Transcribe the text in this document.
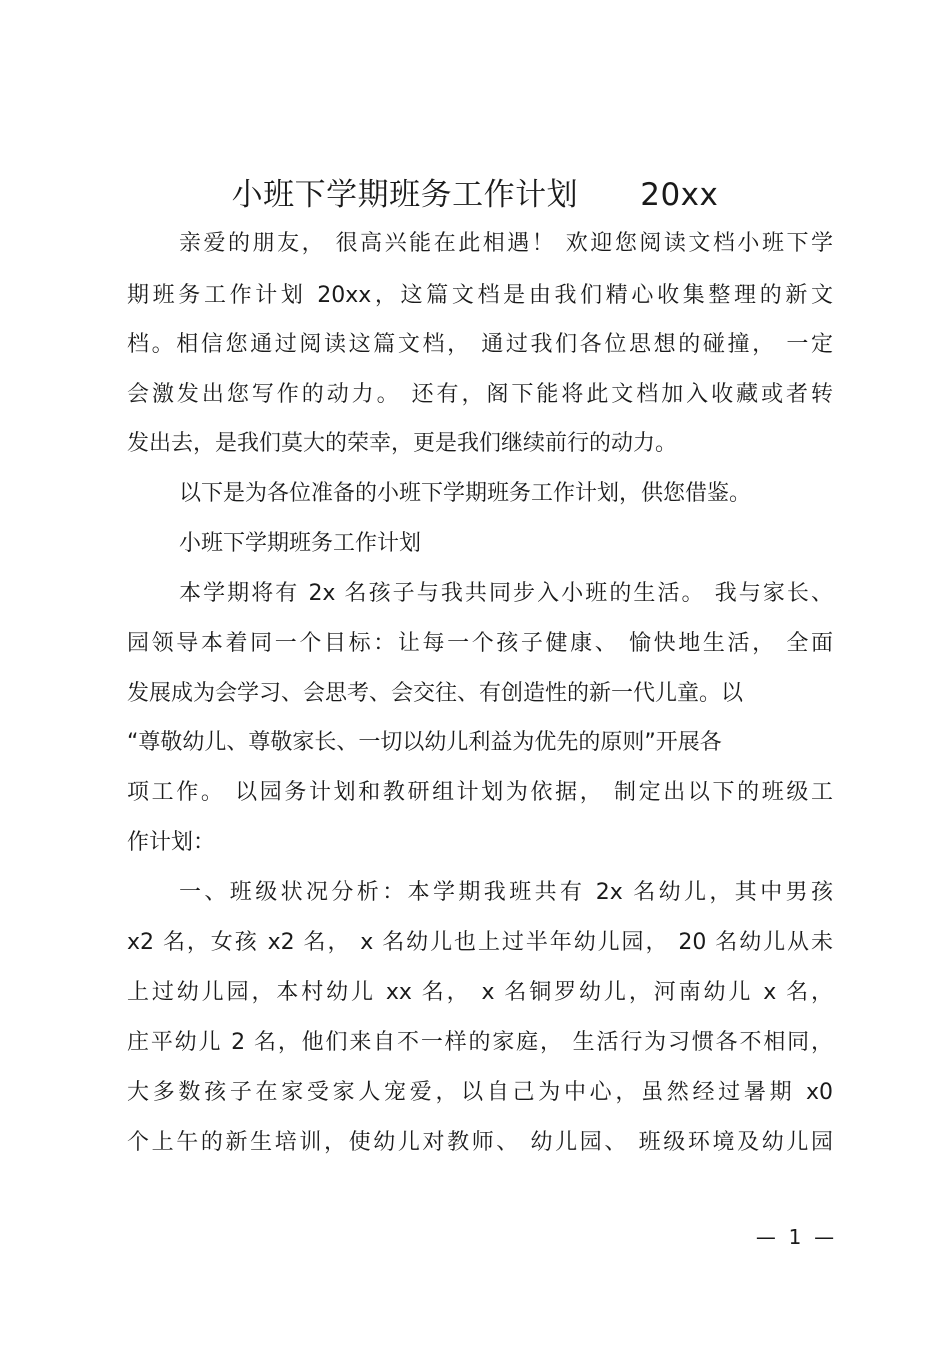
小班下学期班务工作计划      20xx
亲爱的朋友， 很高兴能在此相遇！ 欢迎您阅读文档小班下学
期班务工作计划 20xx，这篇文档是由我们精心收集整理的新文
档。相信您通过阅读这篇文档， 通过我们各位思想的碰撞， 一定
会激发出您写作的动力。 还有，阁下能将此文档加入收藏或者转
发出去，是我们莫大的荣幸，更是我们继续前行的动力。
以下是为各位准备的小班下学期班务工作计划，供您借鉴。
小班下学期班务工作计划
本学期将有 2x 名孩子与我共同步入小班的生活。 我与家长、
园领导本着同一个目标：让每一个孩子健康、 愉快地生活， 全面
发展成为会学习、会思考、会交往、有创造性的新一代儿童。以
“尊敬幼儿、尊敬家长、一切以幼儿利益为优先的原则”开展各
项工作。 以园务计划和教研组计划为依据， 制定出以下的班级工
作计划：
一、班级状况分析：本学期我班共有 2x 名幼儿，其中男孩
x2 名，女孩 x2 名， x 名幼儿也上过半年幼儿园， 20 名幼儿从未
上过幼儿园，本村幼儿 xx 名， x 名铜罗幼儿，河南幼儿 x 名，
庄平幼儿 2 名，他们来自不一样的家庭， 生活行为习惯各不相同，
大多数孩子在家受家人宠爱，以自己为中心，虽然经过暑期 x0
个上午的新生培训，使幼儿对教师、 幼儿园、 班级环境及幼儿园
—  1  —
